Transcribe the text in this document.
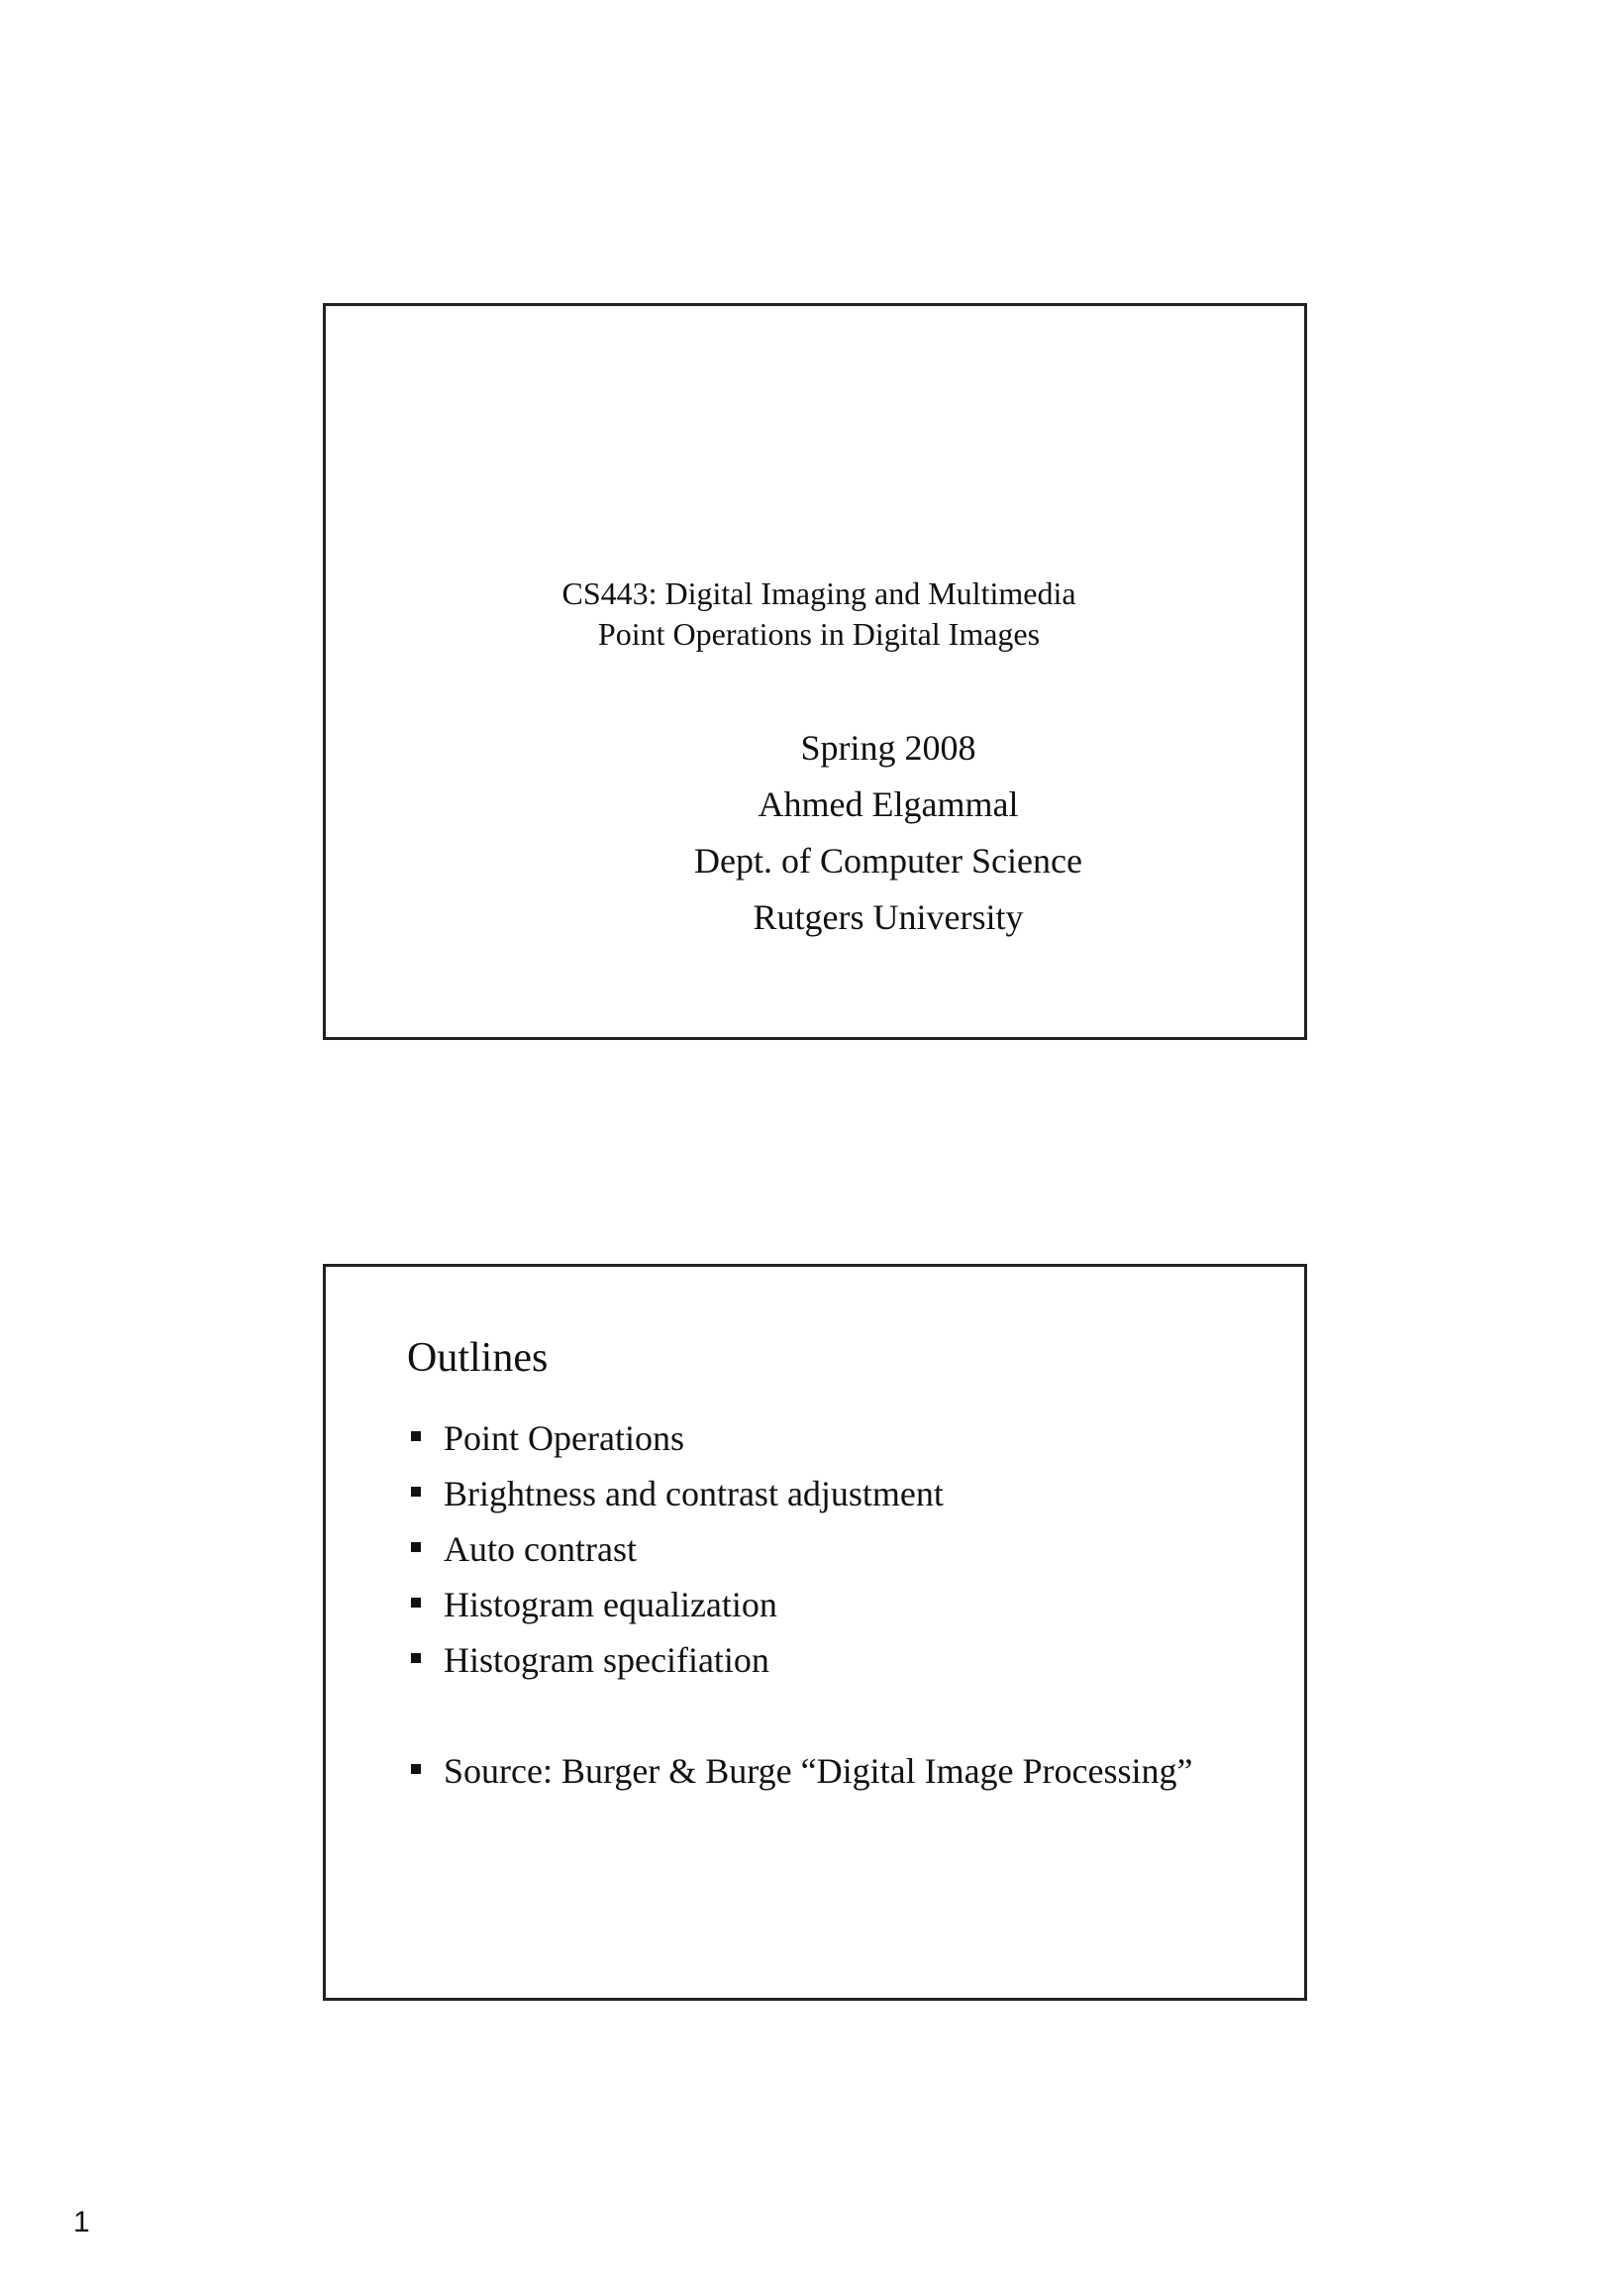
CS443: Digital Imaging and Multimedia
Point Operations in Digital Images
Spring 2008
Ahmed Elgammal
Dept. of Computer Science
Rutgers University
Outlines
Point Operations
Brightness and contrast adjustment
Auto contrast
Histogram equalization
Histogram specifiation
Source: Burger & Burge “Digital Image Processing”
1
